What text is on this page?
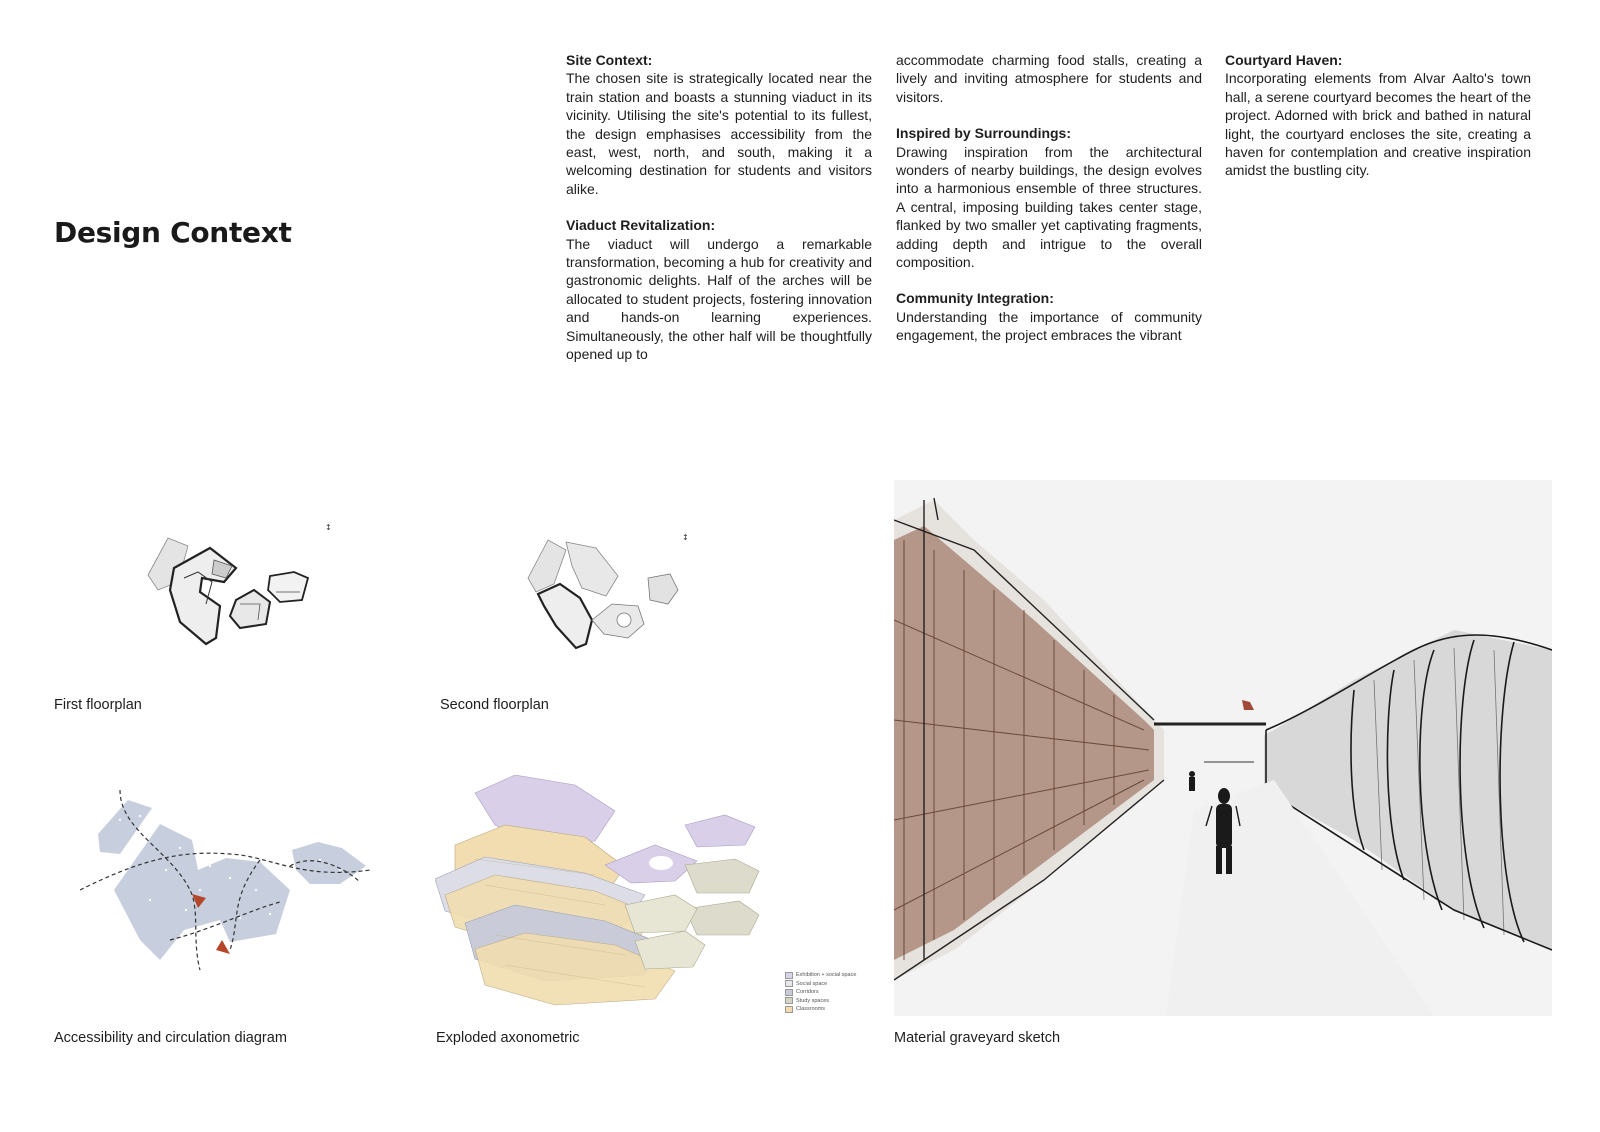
Design Context
Site Context:

The chosen site is strategically located near the train station and boasts a stunning viaduct in its vicinity. Utilising the site's potential to its fullest, the design emphasises accessibility from the east, west, north, and south, making it a welcoming destination for students and visitors alike.

Viaduct Revitalization:

The viaduct will undergo a remarkable transformation, becoming a hub for creativity and gastronomic delights. Half of the arches will be allocated to student projects, fostering innovation and hands-on learning experiences. Simultaneously, the other half will be thoughtfully opened up to

accommodate charming food stalls, creating a lively and inviting atmosphere for students and visitors.

Inspired by Surroundings:

Drawing inspiration from the architectural wonders of nearby buildings, the design evolves into a harmonious ensemble of three structures. A central, imposing building takes center stage, flanked by two smaller yet captivating fragments, adding depth and intrigue to the overall composition.

Community Integration:

Understanding the importance of community engagement, the project embraces the vibrant

Courtyard Haven:

Incorporating elements from Alvar Aalto's town hall, a serene courtyard becomes the heart of the project. Adorned with brick and bathed in natural light, the courtyard encloses the site, creating a haven for contemplation and creative inspiration amidst the bustling city.

↕

First floorplan

↕

Second floorplan

Accessibility and circulation diagram

Exhibition + social space
Social space
Corridors
Study spaces
Classrooms

Exploded axonometric	Material graveyard sketch
